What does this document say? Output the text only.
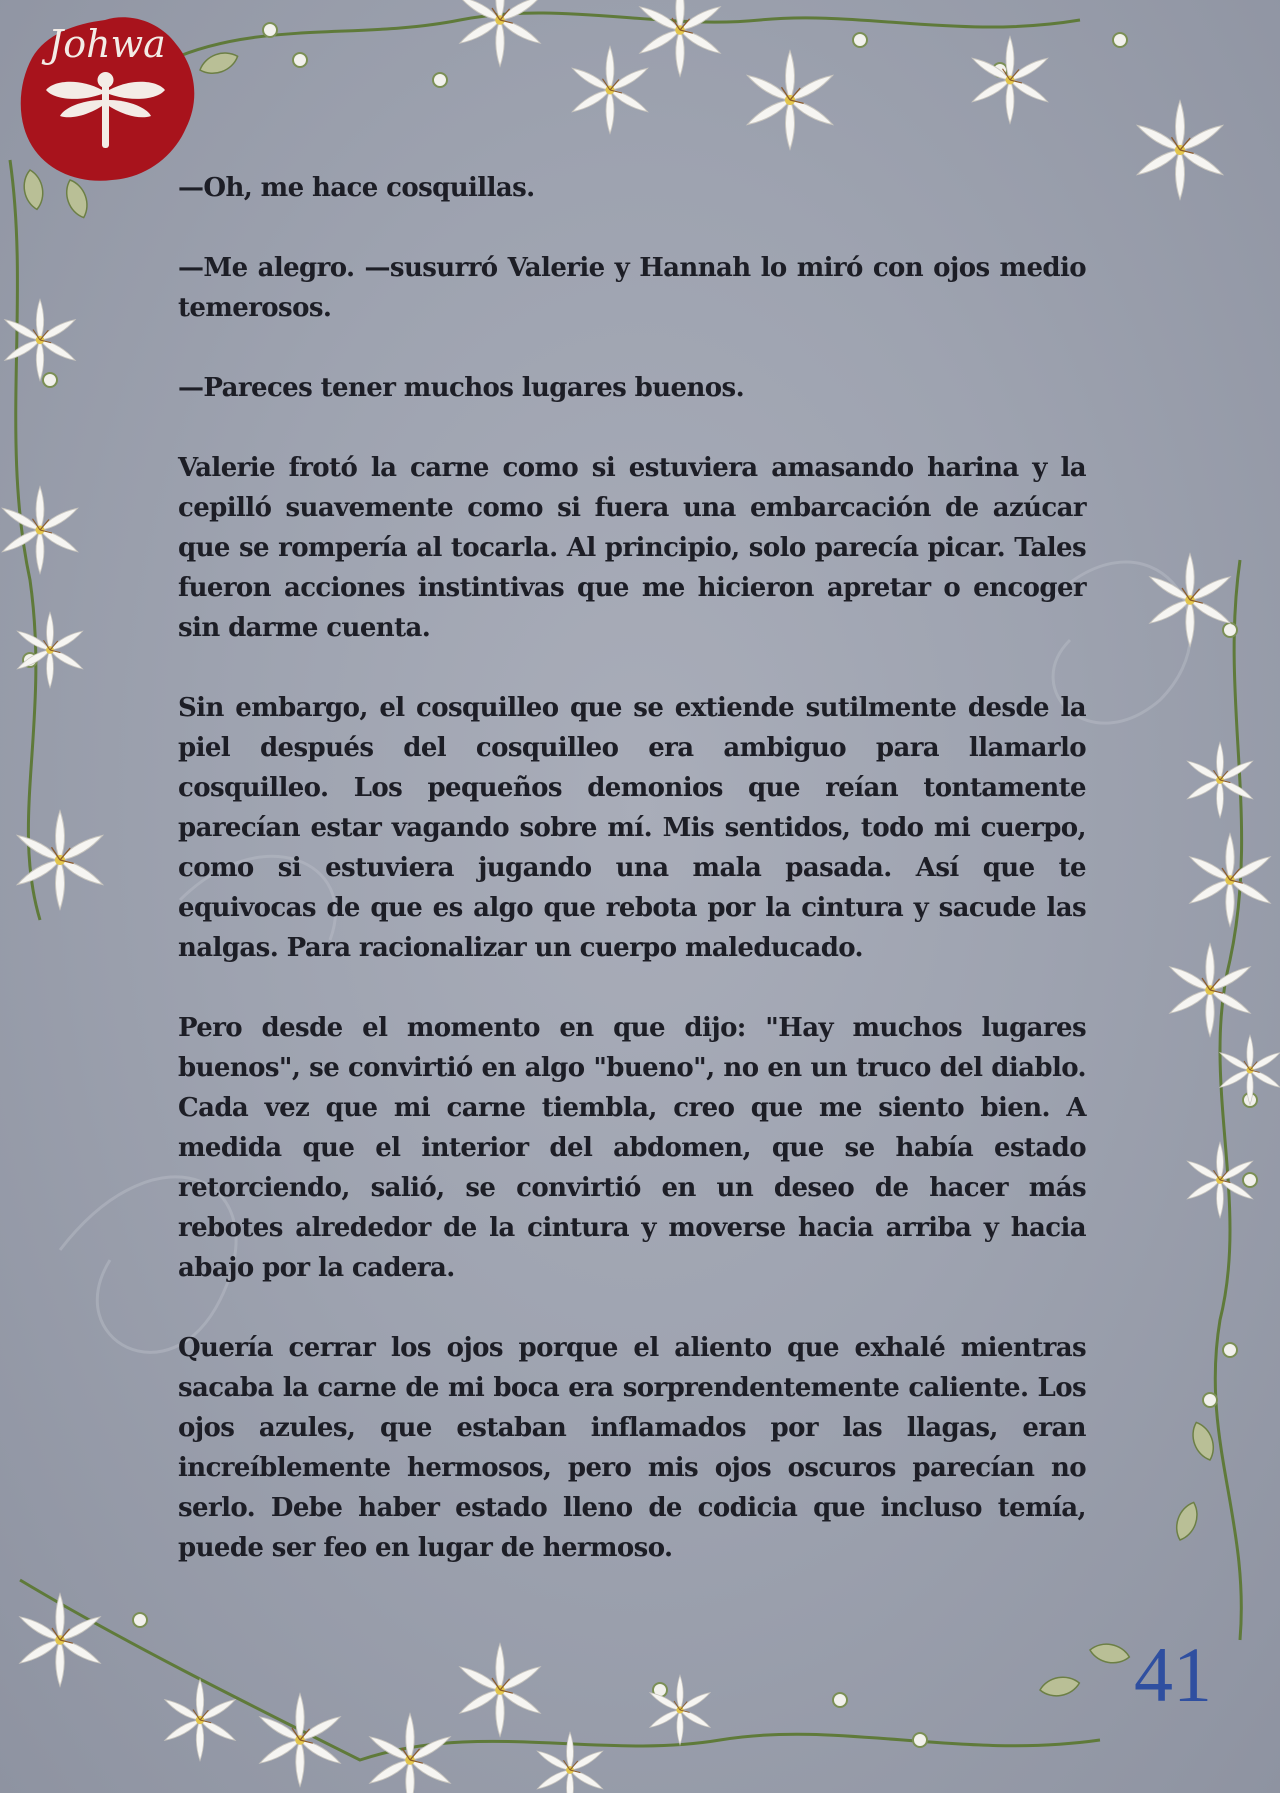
Johwa

—Oh, me hace cosquillas.

—Me alegro. —susurró Valerie y Hannah lo miró con ojos medio temerosos.

—Pareces tener muchos lugares buenos.

Valerie frotó la carne como si estuviera amasando harina y la cepilló suavemente como si fuera una embarcación de azúcar que se rompería al tocarla. Al principio, solo parecía picar. Tales fueron acciones instintivas que me hicieron apretar o encoger sin darme cuenta.

Sin embargo, el cosquilleo que se extiende sutilmente desde la piel después del cosquilleo era ambiguo para llamarlo cosquilleo. Los pequeños demonios que reían tontamente parecían estar vagando sobre mí. Mis sentidos, todo mi cuerpo, como si estuviera jugando una mala pasada. Así que te equivocas de que es algo que rebota por la cintura y sacude las nalgas. Para racionalizar un cuerpo maleducado.

Pero desde el momento en que dijo: "Hay muchos lugares buenos", se convirtió en algo "bueno", no en un truco del diablo. Cada vez que mi carne tiembla, creo que me siento bien. A medida que el interior del abdomen, que se había estado retorciendo, salió, se convirtió en un deseo de hacer más rebotes alrededor de la cintura y moverse hacia arriba y hacia abajo por la cadera.

Quería cerrar los ojos porque el aliento que exhalé mientras sacaba la carne de mi boca era sorprendentemente caliente. Los ojos azules, que estaban inflamados por las llagas, eran increíblemente hermosos, pero mis ojos oscuros parecían no serlo. Debe haber estado lleno de codicia que incluso temía, puede ser feo en lugar de hermoso.

41
